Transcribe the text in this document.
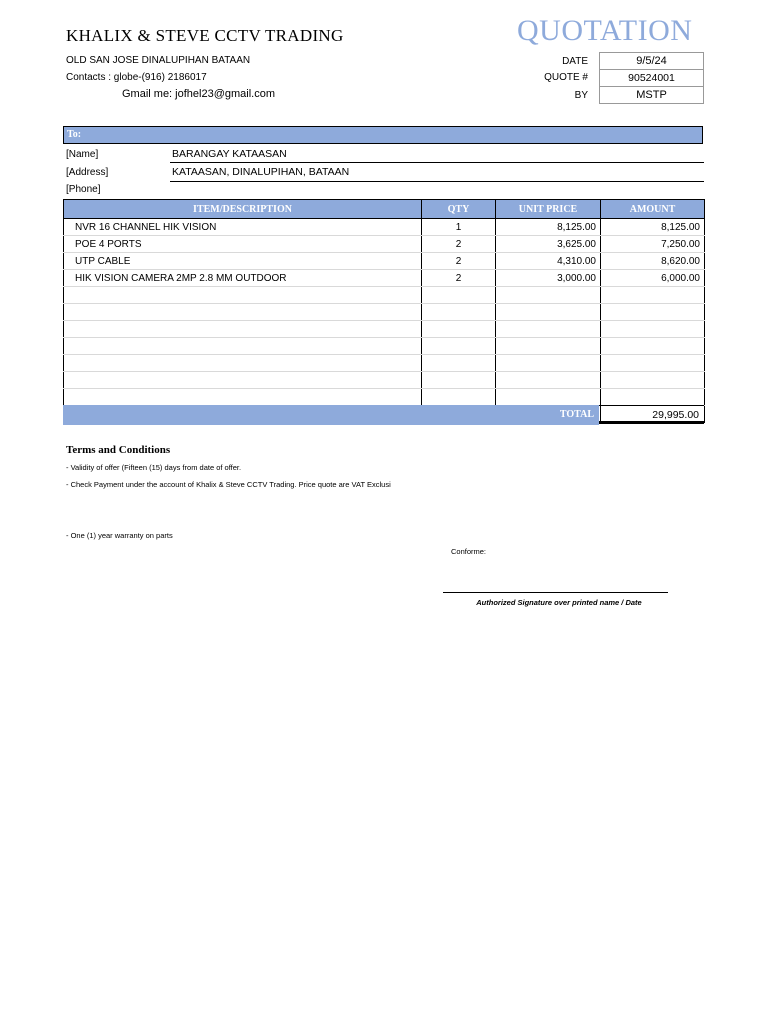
KHALIX & STEVE CCTV TRADING
OLD SAN JOSE DINALUPIHAN BATAAN
Contacts : globe-(916) 2186017
Gmail me: jofhel23@gmail.com
QUOTATION
DATE	9/5/24
QUOTE #	90524001
BY	MSTP
To:
[Name]	BARANGAY KATAASAN
[Address]	KATAASAN, DINALUPIHAN, BATAAN
[Phone]
ITEM/DESCRIPTION	QTY	UNIT PRICE	AMOUNT
NVR 16 CHANNEL HIK VISION	1	8,125.00	8,125.00
POE 4 PORTS	2	3,625.00	7,250.00
UTP CABLE	2	4,310.00	8,620.00
HIK VISION CAMERA 2MP 2.8 MM OUTDOOR	2	3,000.00	6,000.00

TOTAL	29,995.00
Terms and Conditions
- Validity of offer (Fifteen (15) days from date of offer.
- Check Payment under the account of Khalix & Steve CCTV Trading. Price quote are VAT Exclusi
- One (1) year warranty on parts
Conforme:
Authorized Signature over printed name / Date
